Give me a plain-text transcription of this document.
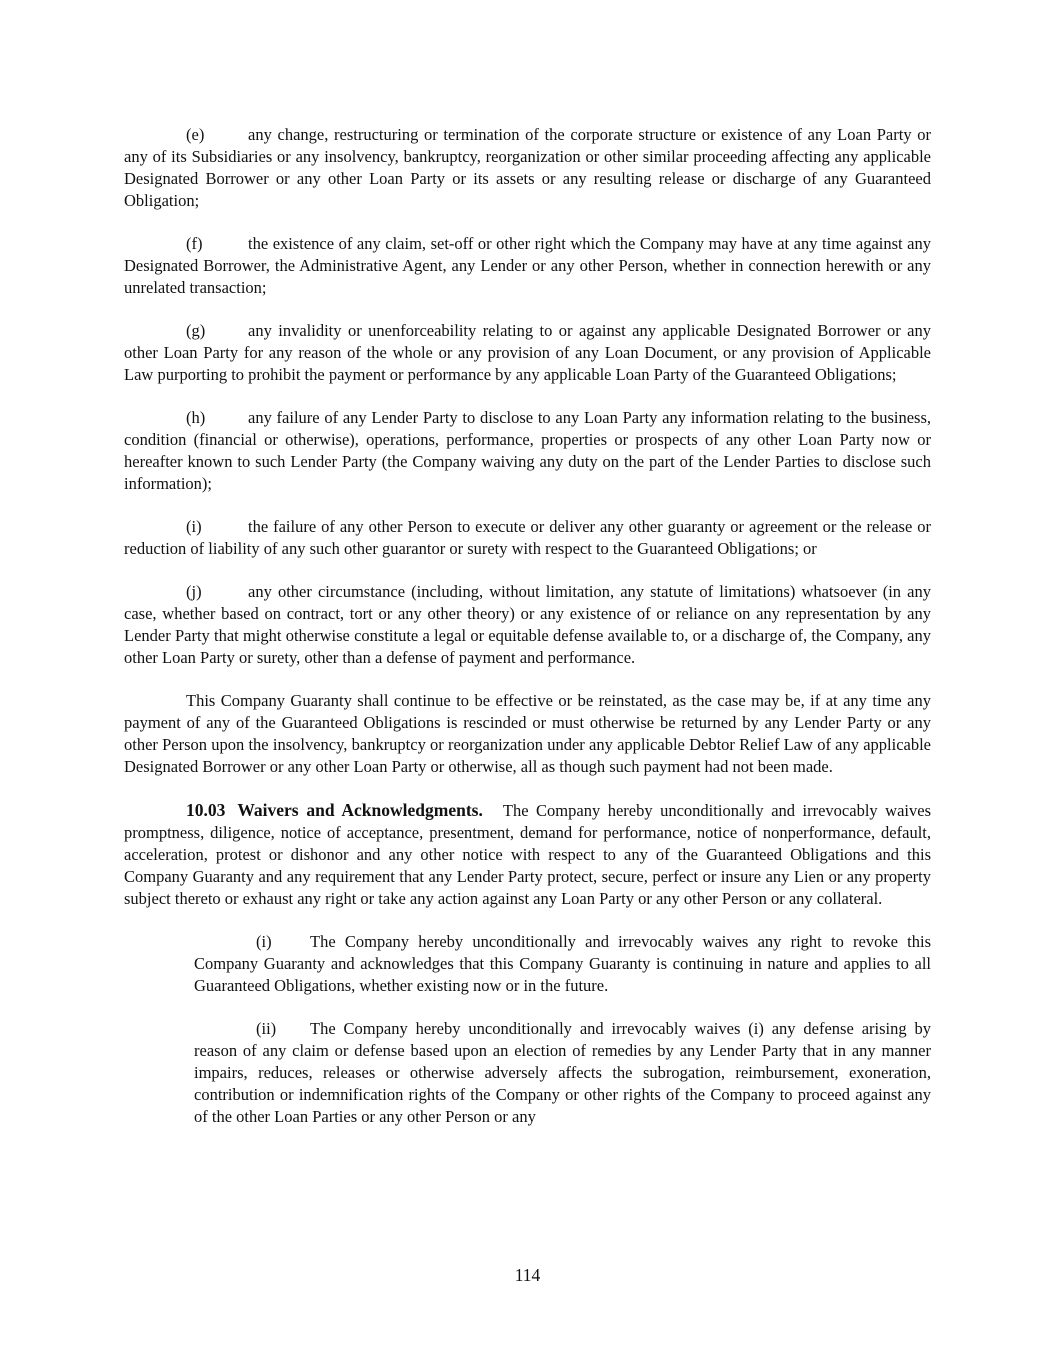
(e)	any change, restructuring or termination of the corporate structure or existence of any Loan Party or any of its Subsidiaries or any insolvency, bankruptcy, reorganization or other similar proceeding affecting any applicable Designated Borrower or any other Loan Party or its assets or any resulting release or discharge of any Guaranteed Obligation;

(f)	the existence of any claim, set-off or other right which the Company may have at any time against any Designated Borrower, the Administrative Agent, any Lender or any other Person, whether in connection herewith or any unrelated transaction;

(g)	any invalidity or unenforceability relating to or against any applicable Designated Borrower or any other Loan Party for any reason of the whole or any provision of any Loan Document, or any provision of Applicable Law purporting to prohibit the payment or performance by any applicable Loan Party of the Guaranteed Obligations;

(h)	any failure of any Lender Party to disclose to any Loan Party any information relating to the business, condition (financial or otherwise), operations, performance, properties or prospects of any other Loan Party now or hereafter known to such Lender Party (the Company waiving any duty on the part of the Lender Parties to disclose such information);

(i)	the failure of any other Person to execute or deliver any other guaranty or agreement or the release or reduction of liability of any such other guarantor or surety with respect to the Guaranteed Obligations; or

(j)	any other circumstance (including, without limitation, any statute of limitations) whatsoever (in any case, whether based on contract, tort or any other theory) or any existence of or reliance on any representation by any Lender Party that might otherwise constitute a legal or equitable defense available to, or a discharge of, the Company, any other Loan Party or surety, other than a defense of payment and performance.

This Company Guaranty shall continue to be effective or be reinstated, as the case may be, if at any time any payment of any of the Guaranteed Obligations is rescinded or must otherwise be returned by any Lender Party or any other Person upon the insolvency, bankruptcy or reorganization under any applicable Debtor Relief Law of any applicable Designated Borrower or any other Loan Party or otherwise, all as though such payment had not been made.

10.03 Waivers and Acknowledgments. The Company hereby unconditionally and irrevocably waives promptness, diligence, notice of acceptance, presentment, demand for performance, notice of nonperformance, default, acceleration, protest or dishonor and any other notice with respect to any of the Guaranteed Obligations and this Company Guaranty and any requirement that any Lender Party protect, secure, perfect or insure any Lien or any property subject thereto or exhaust any right or take any action against any Loan Party or any other Person or any collateral.

(i) The Company hereby unconditionally and irrevocably waives any right to revoke this Company Guaranty and acknowledges that this Company Guaranty is continuing in nature and applies to all Guaranteed Obligations, whether existing now or in the future.

(ii) The Company hereby unconditionally and irrevocably waives (i) any defense arising by reason of any claim or defense based upon an election of remedies by any Lender Party that in any manner impairs, reduces, releases or otherwise adversely affects the subrogation, reimbursement, exoneration, contribution or indemnification rights of the Company or other rights of the Company to proceed against any of the other Loan Parties or any other Person or any

114
